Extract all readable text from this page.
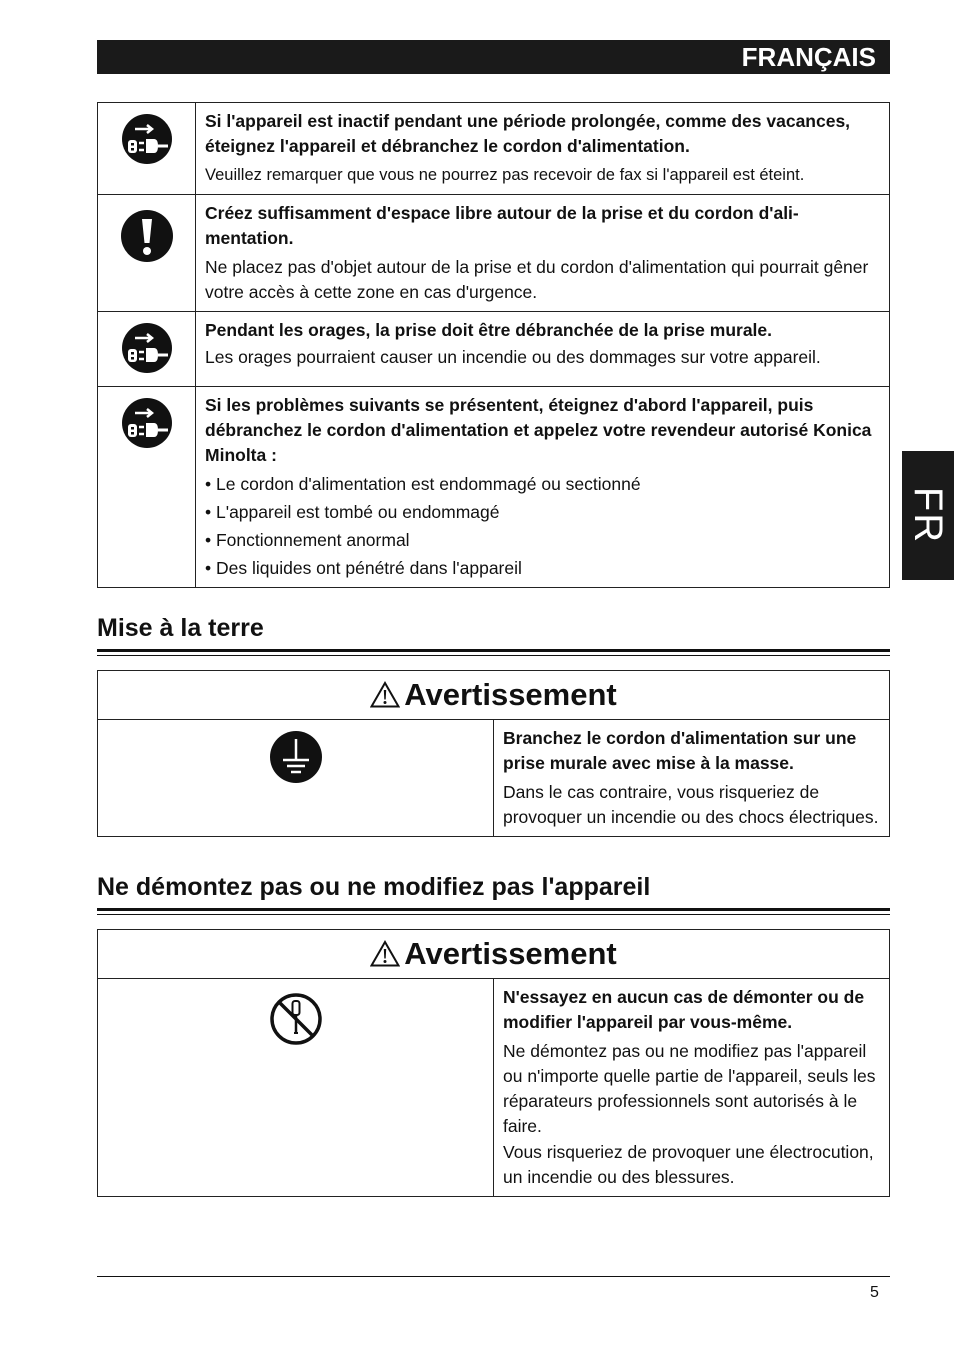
FRANÇAIS
FR

Si l'appareil est inactif pendant une période prolongée, comme des vacances, éteignez l'appareil et débranchez le cordon d'alimentation.

Veuillez remarquer que vous ne pourrez pas recevoir de fax si l'appareil est éteint.

Créez suffisamment d'espace libre autour de la prise et du cordon d'ali-mentation.

Ne placez pas d'objet autour de la prise et du cordon d'alimentation qui pourrait gêner votre accès à cette zone en cas d'urgence.

Pendant les orages, la prise doit être débranchée de la prise murale.

Les orages pourraient causer un incendie ou des dommages sur votre appareil.

Si les problèmes suivants se présentent, éteignez d'abord l'appareil, puis débranchez le cordon d'alimentation et appelez votre revendeur autorisé Konica Minolta :

• Le cordon d'alimentation est endommagé ou sectionné

• L'appareil est tombé ou endommagé

• Fonctionnement anormal

• Des liquides ont pénétré dans l'appareil

Mise à la terre
Avertissement

Branchez le cordon d'alimentation sur une prise murale avec mise à la masse.

Dans le cas contraire, vous risqueriez de provoquer un incendie ou des chocs électriques.

Ne démontez pas ou ne modifiez pas l'appareil
Avertissement

N'essayez en aucun cas de démonter ou de modifier l'appareil par vous-même.

Ne démontez pas ou ne modifiez pas l'appareil ou n'importe quelle partie de l'appareil, seuls les réparateurs professionnels sont autorisés à le faire.

Vous risqueriez de provoquer une électrocution, un incendie ou des blessures.

5
